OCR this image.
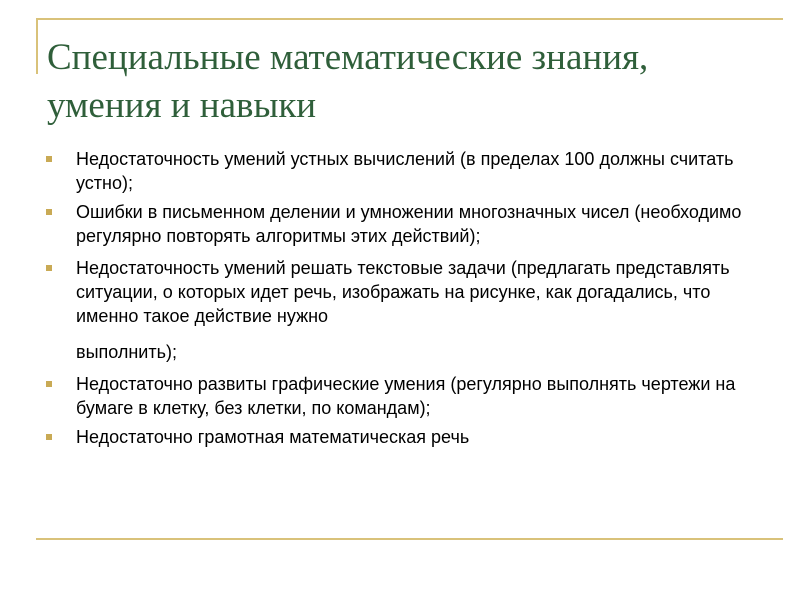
Специальные математические знания, умения и навыки
Недостаточность умений устных вычислений (в пределах 100 должны считать устно);
Ошибки в письменном делении и умножении многозначных чисел (необходимо регулярно повторять алгоритмы этих действий);
Недостаточность умений решать текстовые задачи (предлагать представлять ситуации, о которых идет речь, изображать на рисунке, как догадались, что именно такое действие нужно
выполнить);
Недостаточно развиты графические умения (регулярно выполнять чертежи на бумаге в клетку, без клетки, по командам);
Недостаточно грамотная математическая речь
